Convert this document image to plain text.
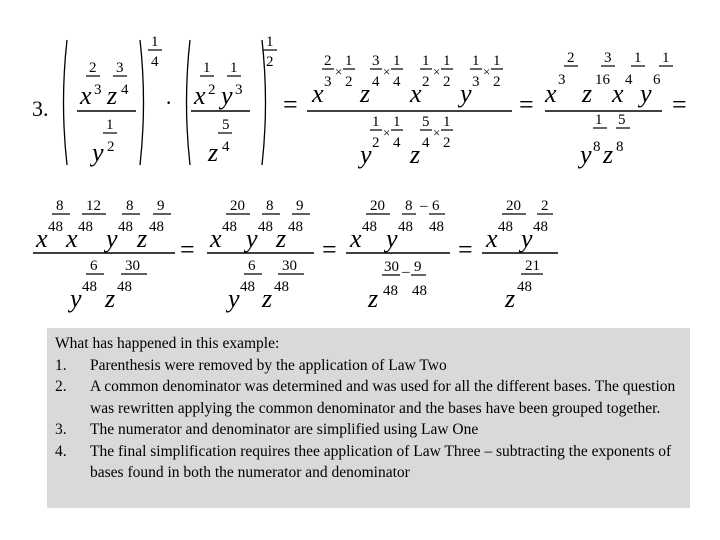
3. x
2
3 z
3
4
1
y 2
1
4
· x
1
2 y
1
3
5
z 4
1
2
= x
2
×
1
3 2 z
3
×
1
4 4 x
1
×
1
2 2 y
1
×
1
3 2
y
1
×
1
2 4 z
5
×
1
4 2
= x
2
3 z
3
16 x
1
4 y
1
6
y
1
8 z
5
8
=
x
8
48 x
12
48 y
8
48 z
9
48
y
6
48 z
30
48
= x
20
48 y
8
48 z
9
48
y
6
48 z
30
48
= x
20
48 y
8 – 6
48 48
z
30 – 9
48 48
= x
20
48 y
2
48
z
21
48
What has happened in this example:
1.	Parenthesis were removed by the application of Law Two
2.	A common denominator was determined and was used for all the different bases. The question was rewritten applying the common denominator and the bases have been grouped together.
3.	The numerator and denominator are simplified using Law One
4.	The final simplification requires thee application of Law Three – subtracting the exponents of bases found in both the numerator and denominator
